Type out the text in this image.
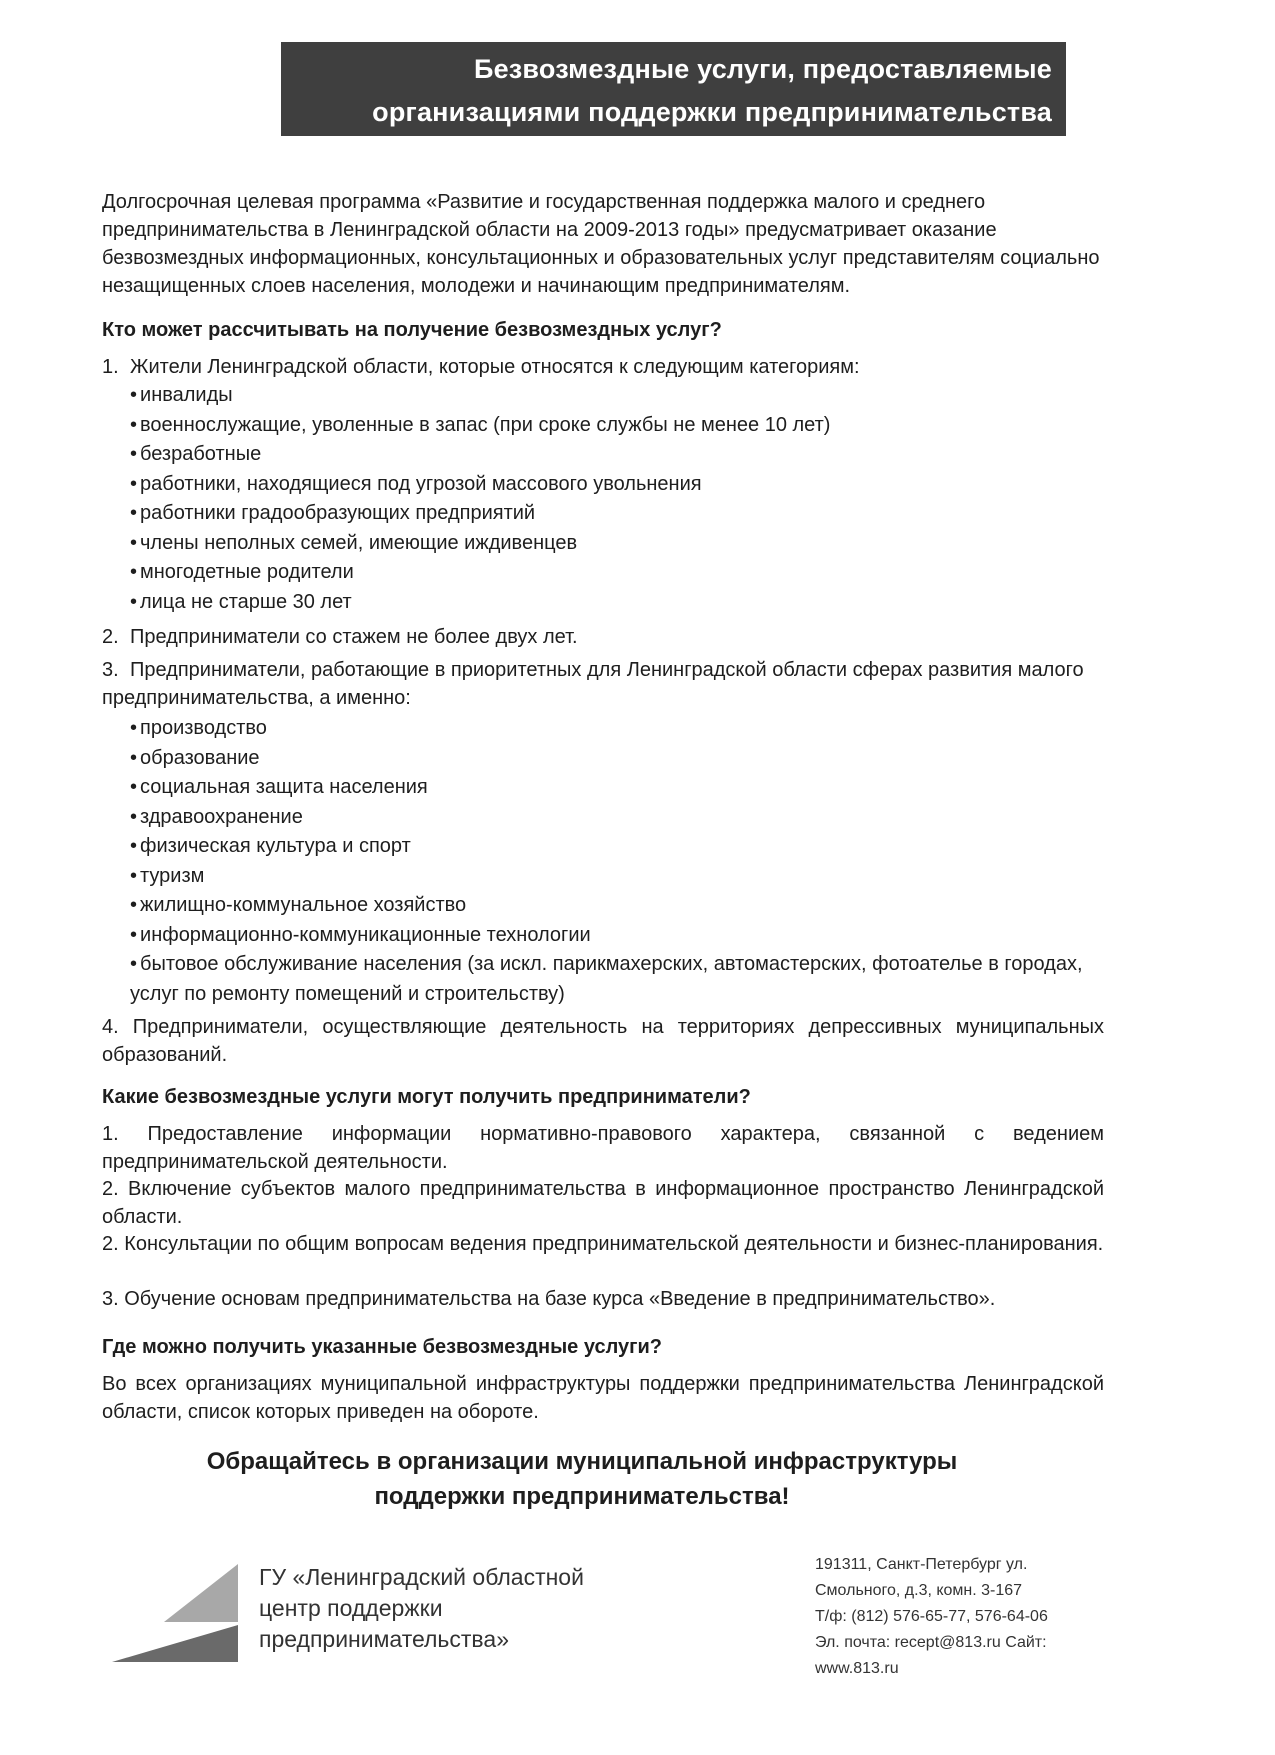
Безвозмездные услуги, предоставляемые
организациями поддержки предпринимательства
Долгосрочная целевая программа «Развитие и государственная поддержка малого и среднего предпринимательства в Ленинградской области на 2009-2013 годы» предусматривает оказание безвозмездных информационных, консультационных и образовательных услуг представителям социально незащищенных слоев населения, молодежи и начинающим предпринимателям.
Кто может рассчитывать на получение безвозмездных услуг?
1. Жители Ленинградской области, которые относятся к следующим категориям:
• инвалиды
• военнослужащие, уволенные в запас (при сроке службы не менее 10 лет)
• безработные
• работники, находящиеся под угрозой массового увольнения
• работники градообразующих предприятий
• члены неполных семей, имеющие иждивенцев
• многодетные родители
• лица не старше 30 лет
2. Предприниматели со стажем не более двух лет.
3. Предприниматели, работающие в приоритетных для Ленинградской области сферах развития малого предпринимательства, а именно:
• производство
• образование
• социальная защита населения
• здравоохранение
• физическая культура и спорт
• туризм
• жилищно-коммунальное хозяйство
• информационно-коммуникационные технологии
• бытовое обслуживание населения (за искл. парикмахерских, автомастерских, фотоателье в городах, услуг по ремонту помещений и строительству)
4. Предприниматели, осуществляющие деятельность на территориях депрессивных муниципальных образований.
Какие безвозмездные услуги могут получить предприниматели?
1. Предоставление информации нормативно-правового характера, связанной с ведением предпринимательской деятельности.
2. Включение субъектов малого предпринимательства в информационное пространство Ленинградской области.
2. Консультации по общим вопросам ведения предпринимательской деятельности и бизнес-планирования.
3. Обучение основам предпринимательства на базе курса «Введение в предпринимательство».
Где можно получить указанные безвозмездные услуги?
Во всех организациях муниципальной инфраструктуры поддержки предпринимательства Ленинградской области, список которых приведен на обороте.
Обращайтесь в организации муниципальной инфраструктуры
поддержки предпринимательства!
ГУ «Ленинградский областной
центр поддержки
предпринимательства»
191311, Санкт-Петербург ул.
Смольного, д.3, комн. 3-167
Т/ф: (812) 576-65-77, 576-64-06
Эл. почта: recept@813.ru Сайт:
www.813.ru
